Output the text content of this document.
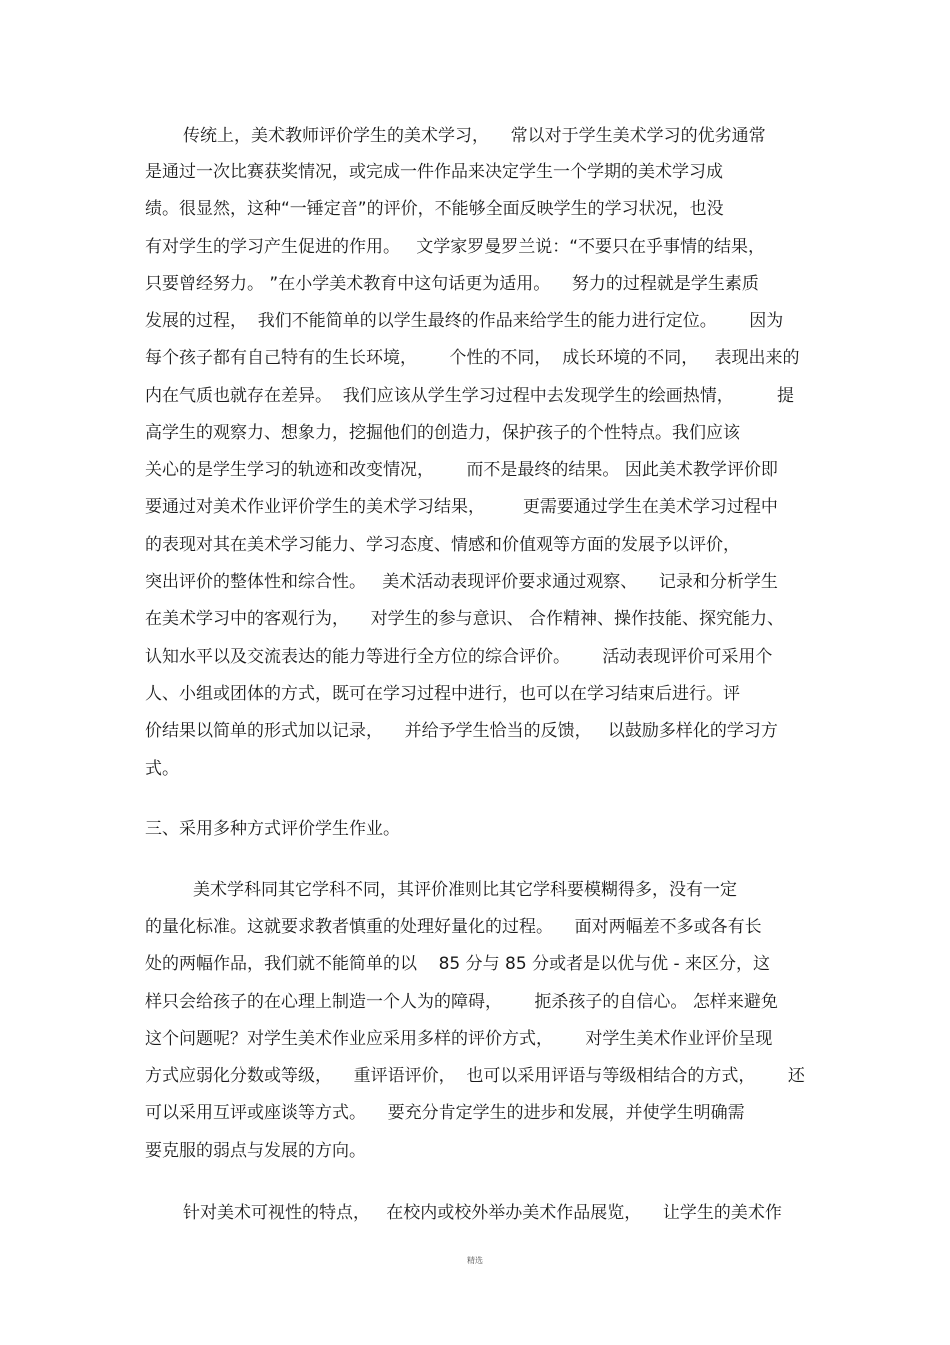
传统上，美术教师评价学生的美术学习，    常以对于学生美术学习的优劣通常
是通过一次比赛获奖情况，或完成一件作品来决定学生一个学期的美术学习成
绩。很显然，这种“一锤定音”的评价，不能够全面反映学生的学习状况，也没
有对学生的学习产生促进的作用。   文学家罗曼罗兰说：“不要只在乎事情的结果，
只要曾经努力。 ”在小学美术教育中这句话更为适用。    努力的过程就是学生素质
发展的过程，  我们不能简单的以学生最终的作品来给学生的能力进行定位。      因为
每个孩子都有自己特有的生长环境，      个性的不同，  成长环境的不同，   表现出来的
内在气质也就存在差异。  我们应该从学生学习过程中去发现学生的绘画热情，        提
高学生的观察力、想象力，挖掘他们的创造力，保护孩子的个性特点。我们应该
关心的是学生学习的轨迹和改变情况，      而不是最终的结果。 因此美术教学评价即
要通过对美术作业评价学生的美术学习结果，       更需要通过学生在美术学习过程中
的表现对其在美术学习能力、学习态度、情感和价值观等方面的发展予以评价，
突出评价的整体性和综合性。   美术活动表现评价要求通过观察、    记录和分析学生
在美术学习中的客观行为，    对学生的参与意识、 合作精神、操作技能、探究能力、
认知水平以及交流表达的能力等进行全方位的综合评价。      活动表现评价可采用个
人、小组或团体的方式，既可在学习过程中进行，也可以在学习结束后进行。评
价结果以简单的形式加以记录，    并给予学生恰当的反馈，   以鼓励多样化的学习方
式。
三、采用多种方式评价学生作业。
美术学科同其它学科不同，其评价准则比其它学科要模糊得多，没有一定
的量化标准。这就要求教者慎重的处理好量化的过程。    面对两幅差不多或各有长
处的两幅作品，我们就不能简单的以    85 分与 85 分或者是以优与优 - 来区分，这
样只会给孩子的在心理上制造一个人为的障碍，      扼杀孩子的自信心。 怎样来避免
这个问题呢？对学生美术作业应采用多样的评价方式，      对学生美术作业评价呈现
方式应弱化分数或等级，    重评语评价，  也可以采用评语与等级相结合的方式，      还
可以采用互评或座谈等方式。    要充分肯定学生的进步和发展，并使学生明确需
要克服的弱点与发展的方向。
针对美术可视性的特点，   在校内或校外举办美术作品展览，    让学生的美术作
精选
